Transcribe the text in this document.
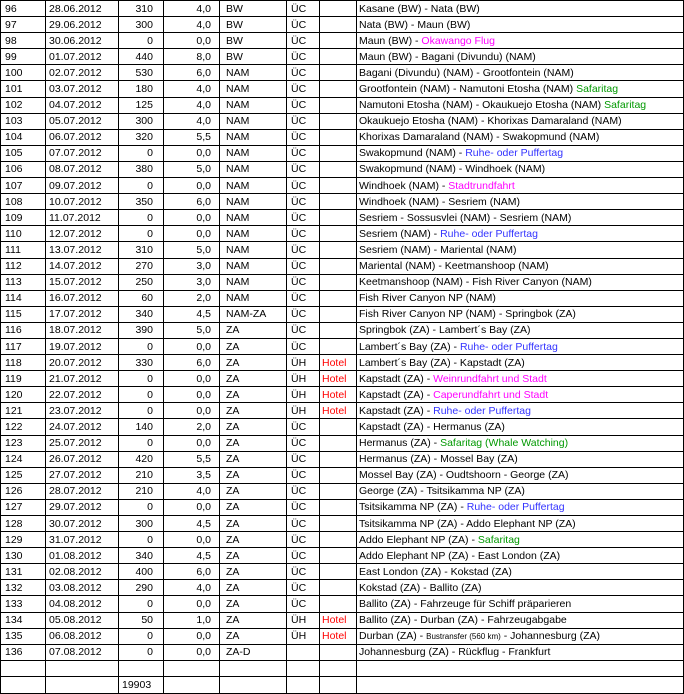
96	28.06.2012	310	4,0	BW	ÜC		Kasane (BW) - Nata (BW)
97	29.06.2012	300	4,0	BW	ÜC		Nata (BW) - Maun (BW)
98	30.06.2012	0	0,0	BW	ÜC		Maun (BW) - Okawango Flug
99	01.07.2012	440	8,0	BW	ÜC		Maun (BW) - Bagani (Divundu) (NAM)
100	02.07.2012	530	6,0	NAM	ÜC		Bagani (Divundu) (NAM) - Grootfontein (NAM)
101	03.07.2012	180	4,0	NAM	ÜC		Grootfontein (NAM) - Namutoni Etosha (NAM) Safaritag
102	04.07.2012	125	4,0	NAM	ÜC		Namutoni Etosha (NAM) - Okaukuejo Etosha (NAM) Safaritag
103	05.07.2012	300	4,0	NAM	ÜC		Okaukuejo Etosha (NAM) - Khorixas Damaraland (NAM)
104	06.07.2012	320	5,5	NAM	ÜC		Khorixas Damaraland (NAM) - Swakopmund (NAM)
105	07.07.2012	0	0,0	NAM	ÜC		Swakopmund (NAM) - Ruhe- oder Puffertag
106	08.07.2012	380	5,0	NAM	ÜC		Swakopmund (NAM) - Windhoek (NAM)
107	09.07.2012	0	0,0	NAM	ÜC		Windhoek (NAM) - Stadtrundfahrt
108	10.07.2012	350	6,0	NAM	ÜC		Windhoek (NAM) - Sesriem (NAM)
109	11.07.2012	0	0,0	NAM	ÜC		Sesriem - Sossusvlei (NAM) - Sesriem (NAM)
110	12.07.2012	0	0,0	NAM	ÜC		Sesriem (NAM) - Ruhe- oder Puffertag
111	13.07.2012	310	5,0	NAM	ÜC		Sesriem (NAM) - Mariental (NAM)
112	14.07.2012	270	3,0	NAM	ÜC		Mariental (NAM) - Keetmanshoop (NAM)
113	15.07.2012	250	3,0	NAM	ÜC		Keetmanshoop (NAM) - Fish River Canyon (NAM)
114	16.07.2012	60	2,0	NAM	ÜC		Fish River Canyon NP (NAM)
115	17.07.2012	340	4,5	NAM-ZA	ÜC		Fish River Canyon NP (NAM) - Springbok (ZA)
116	18.07.2012	390	5,0	ZA	ÜC		Springbok (ZA) - Lambert´s Bay (ZA)
117	19.07.2012	0	0,0	ZA	ÜC		Lambert´s Bay (ZA) - Ruhe- oder Puffertag
118	20.07.2012	330	6,0	ZA	ÜH	Hotel	Lambert´s Bay (ZA) - Kapstadt (ZA)
119	21.07.2012	0	0,0	ZA	ÜH	Hotel	Kapstadt (ZA) - Weinrundfahrt und Stadt
120	22.07.2012	0	0,0	ZA	ÜH	Hotel	Kapstadt (ZA) - Caperundfahrt und Stadt
121	23.07.2012	0	0,0	ZA	ÜH	Hotel	Kapstadt (ZA) - Ruhe- oder Puffertag
122	24.07.2012	140	2,0	ZA	ÜC		Kapstadt (ZA) - Hermanus (ZA)
123	25.07.2012	0	0,0	ZA	ÜC		Hermanus (ZA) - Safaritag (Whale Watching)
124	26.07.2012	420	5,5	ZA	ÜC		Hermanus (ZA) - Mossel Bay (ZA)
125	27.07.2012	210	3,5	ZA	ÜC		Mossel Bay (ZA) - Oudtshoorn - George (ZA)
126	28.07.2012	210	4,0	ZA	ÜC		George (ZA) - Tsitsikamma NP (ZA)
127	29.07.2012	0	0,0	ZA	ÜC		Tsitsikamma NP (ZA) - Ruhe- oder Puffertag
128	30.07.2012	300	4,5	ZA	ÜC		Tsitsikamma NP (ZA) - Addo Elephant NP (ZA)
129	31.07.2012	0	0,0	ZA	ÜC		Addo Elephant NP (ZA) - Safaritag
130	01.08.2012	340	4,5	ZA	ÜC		Addo Elephant NP (ZA) - East London (ZA)
131	02.08.2012	400	6,0	ZA	ÜC		East London (ZA) - Kokstad (ZA)
132	03.08.2012	290	4,0	ZA	ÜC		Kokstad (ZA) - Ballito (ZA)
133	04.08.2012	0	0,0	ZA	ÜC		Ballito (ZA) - Fahrzeuge für Schiff präparieren
134	05.08.2012	50	1,0	ZA	ÜH	Hotel	Ballito (ZA) - Durban (ZA) - Fahrzeugabgabe
135	06.08.2012	0	0,0	ZA	ÜH	Hotel	Durban (ZA) - Bustransfer (560 km) - Johannesburg (ZA)
136	07.08.2012	0	0,0	ZA-D			Johannesburg (ZA) - Rückflug - Frankfurt

		19903					
